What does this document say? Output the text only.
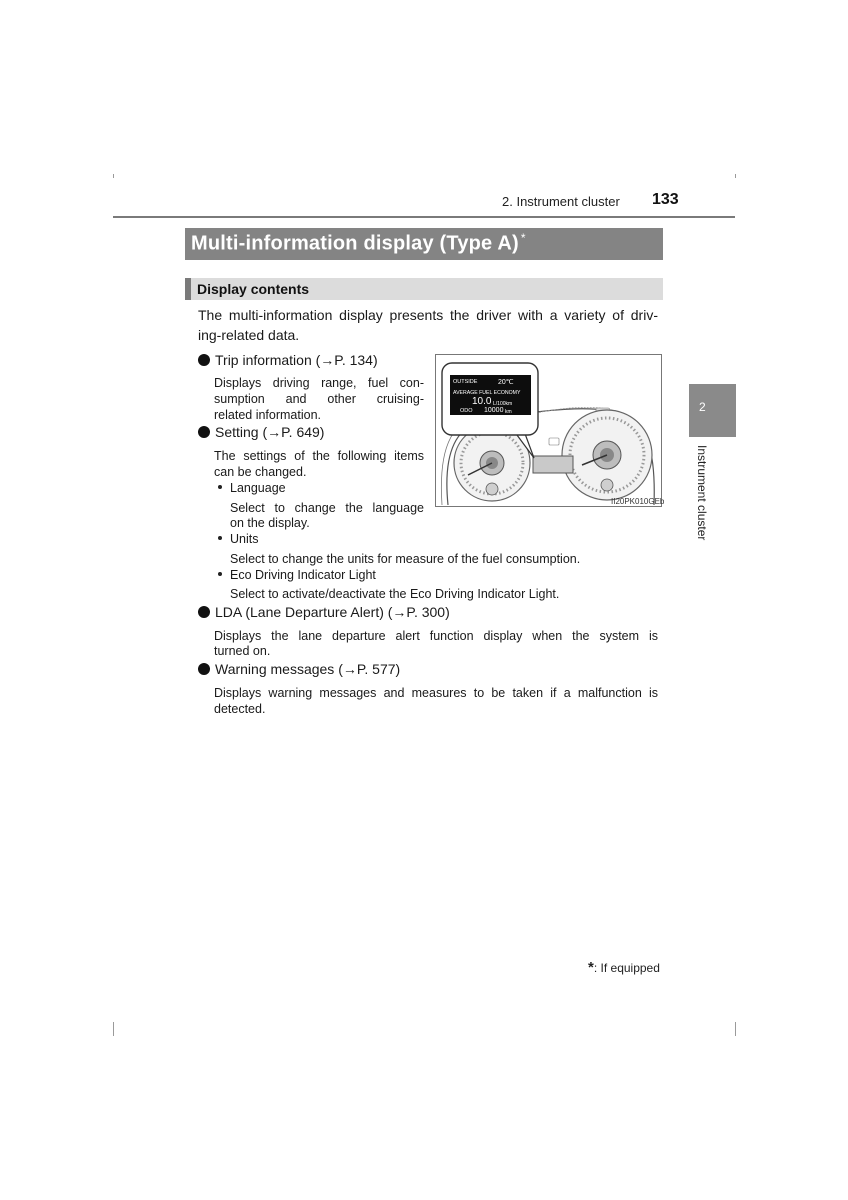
2. Instrument cluster 133
Multi-information display (Type A) *
Display contents
2
Instrument cluster
The multi-information display presents the driver with a variety of driv-
ing-related data.
Trip information (→P. 134)
Displays driving range, fuel con-
sumption and other cruising-
related information.
Setting (→P. 649)
The settings of the following items
can be changed.
Language
Select to change the language
on the display.
Units
Select to change the units for measure of the fuel consumption.
Eco Driving Indicator Light
Select to activate/deactivate the Eco Driving Indicator Light.
LDA (Lane Departure Alert) (→P. 300)
Displays the lane departure alert function display when the system is
turned on.
Warning messages (→P. 577)
Displays warning messages and measures to be taken if a malfunction is
detected.
OUTSIDE	20℃
AVERAGE FUEL ECONOMY
10.0 L/100km
ODO 10000 km
II20PK010GEb
*: If equipped
